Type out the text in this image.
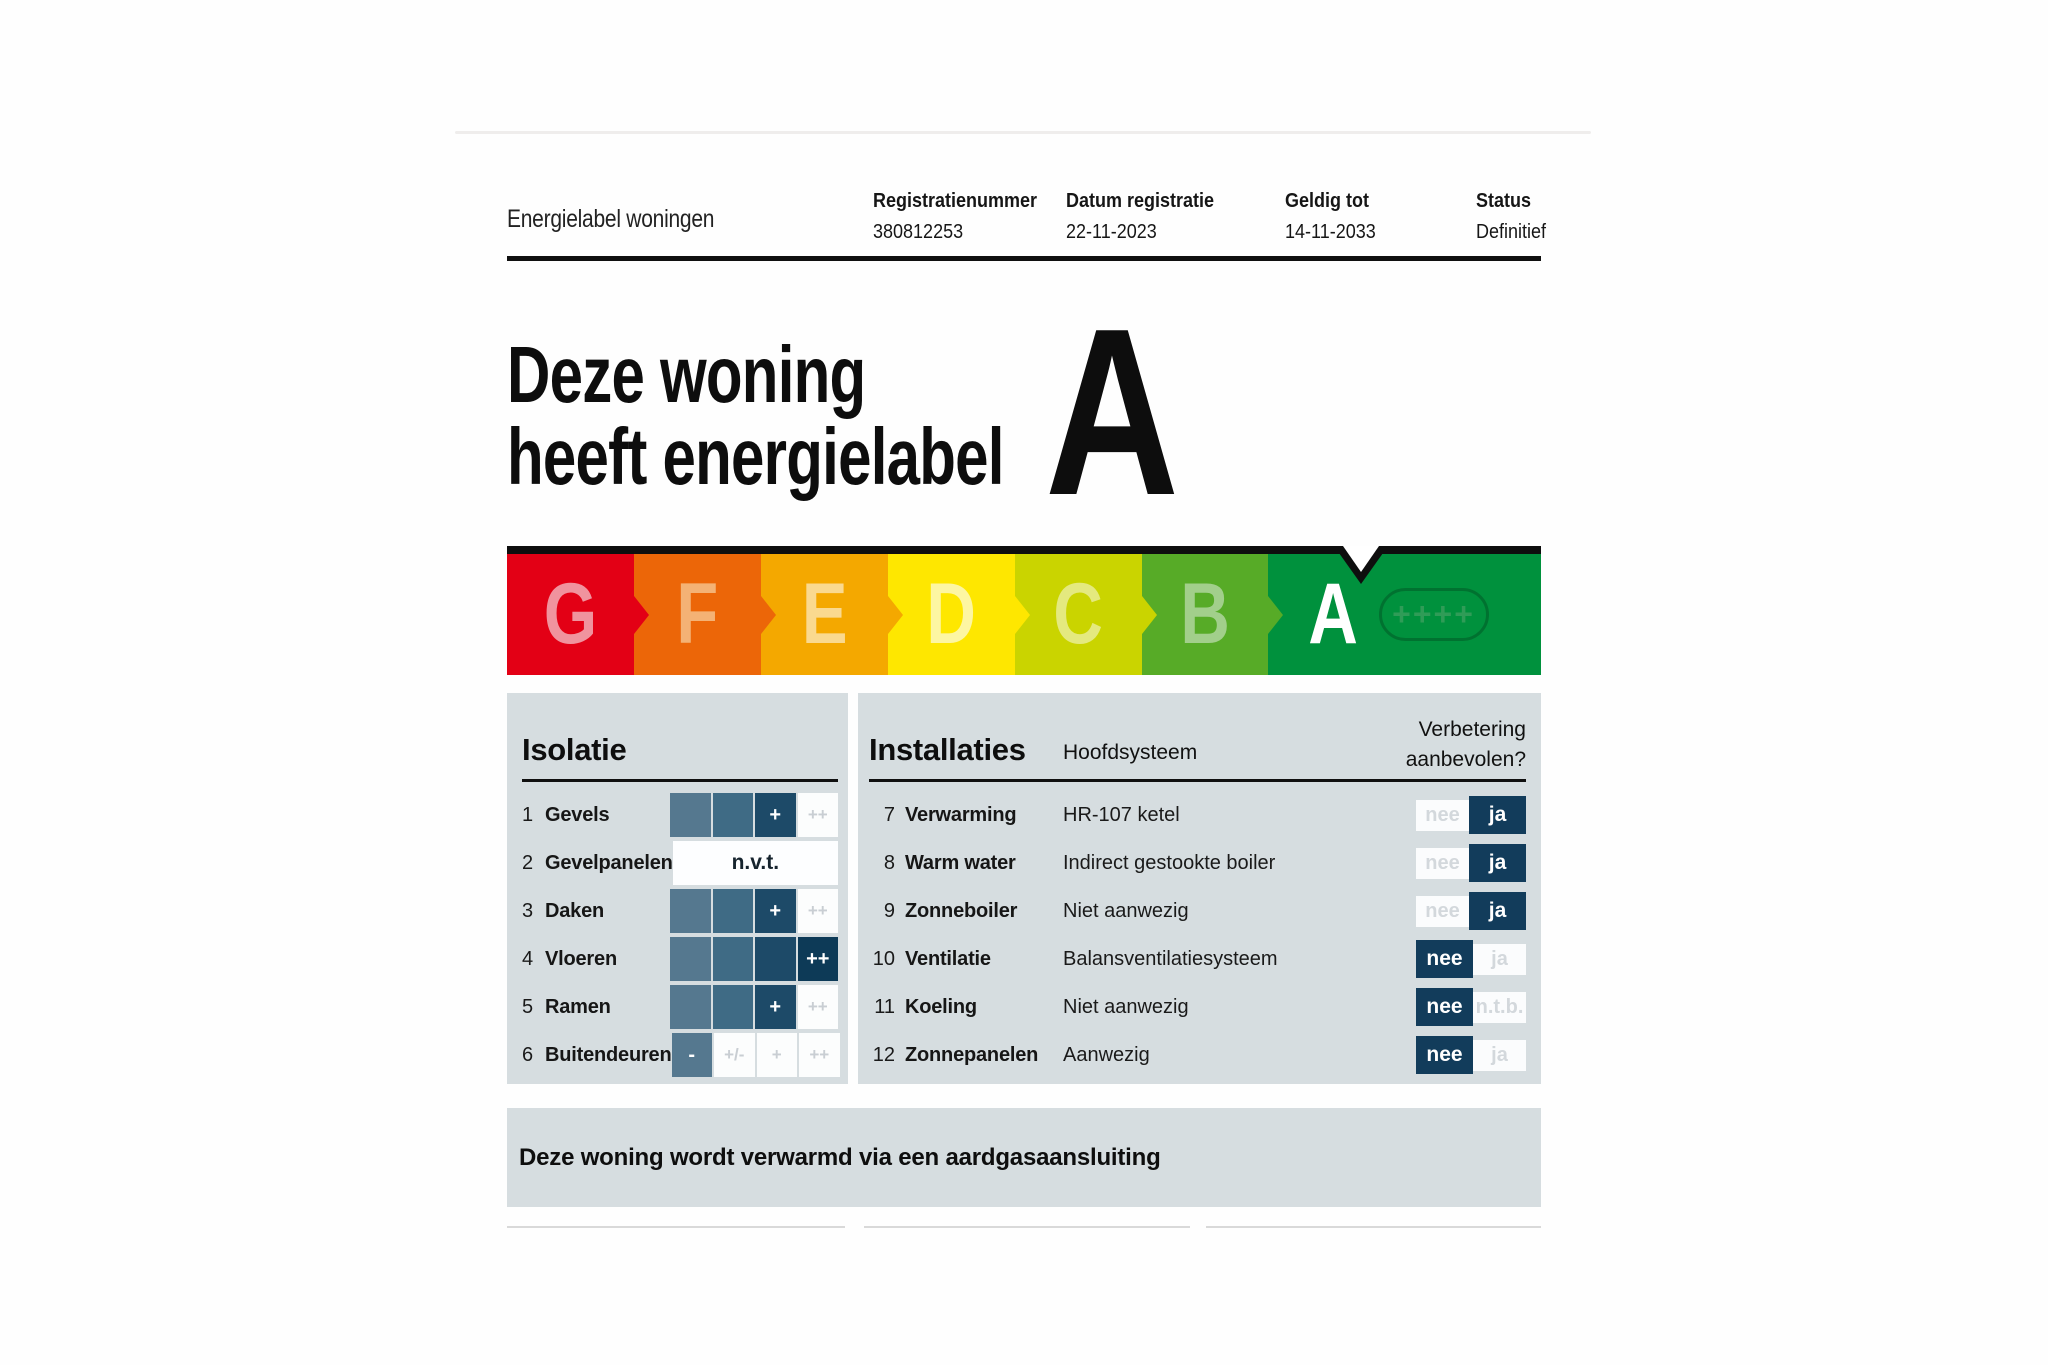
Energielabel woningen
Registratienummer
380812253
Datum registratie
22-11-2023
Geldig tot
14-11-2033
Status
Definitief
Deze woning
heeft energielabel A
G F E D C B A	++++
Isolatie
1 Gevels	+	++
2 Gevelpanelen	n.v.t.
3 Daken	+	++
4 Vloeren	++
5 Ramen	+	++
6 Buitendeuren -	+/-	+	++
Installaties	Hoofdsysteem
Verbetering
aanbevolen?
7 Verwarming HR-107 ketel	nee	ja
8 Warm water Indirect gestookte boiler	nee	ja
9 Zonneboiler Niet aanwezig	nee	ja
10 Ventilatie	Balansventilatiesysteem	nee	ja
11 Koeling	Niet aanwezig	nee n.t.b.
12 Zonnepanelen Aanwezig	nee	ja
Deze woning wordt verwarmd via een aardgasaansluiting
